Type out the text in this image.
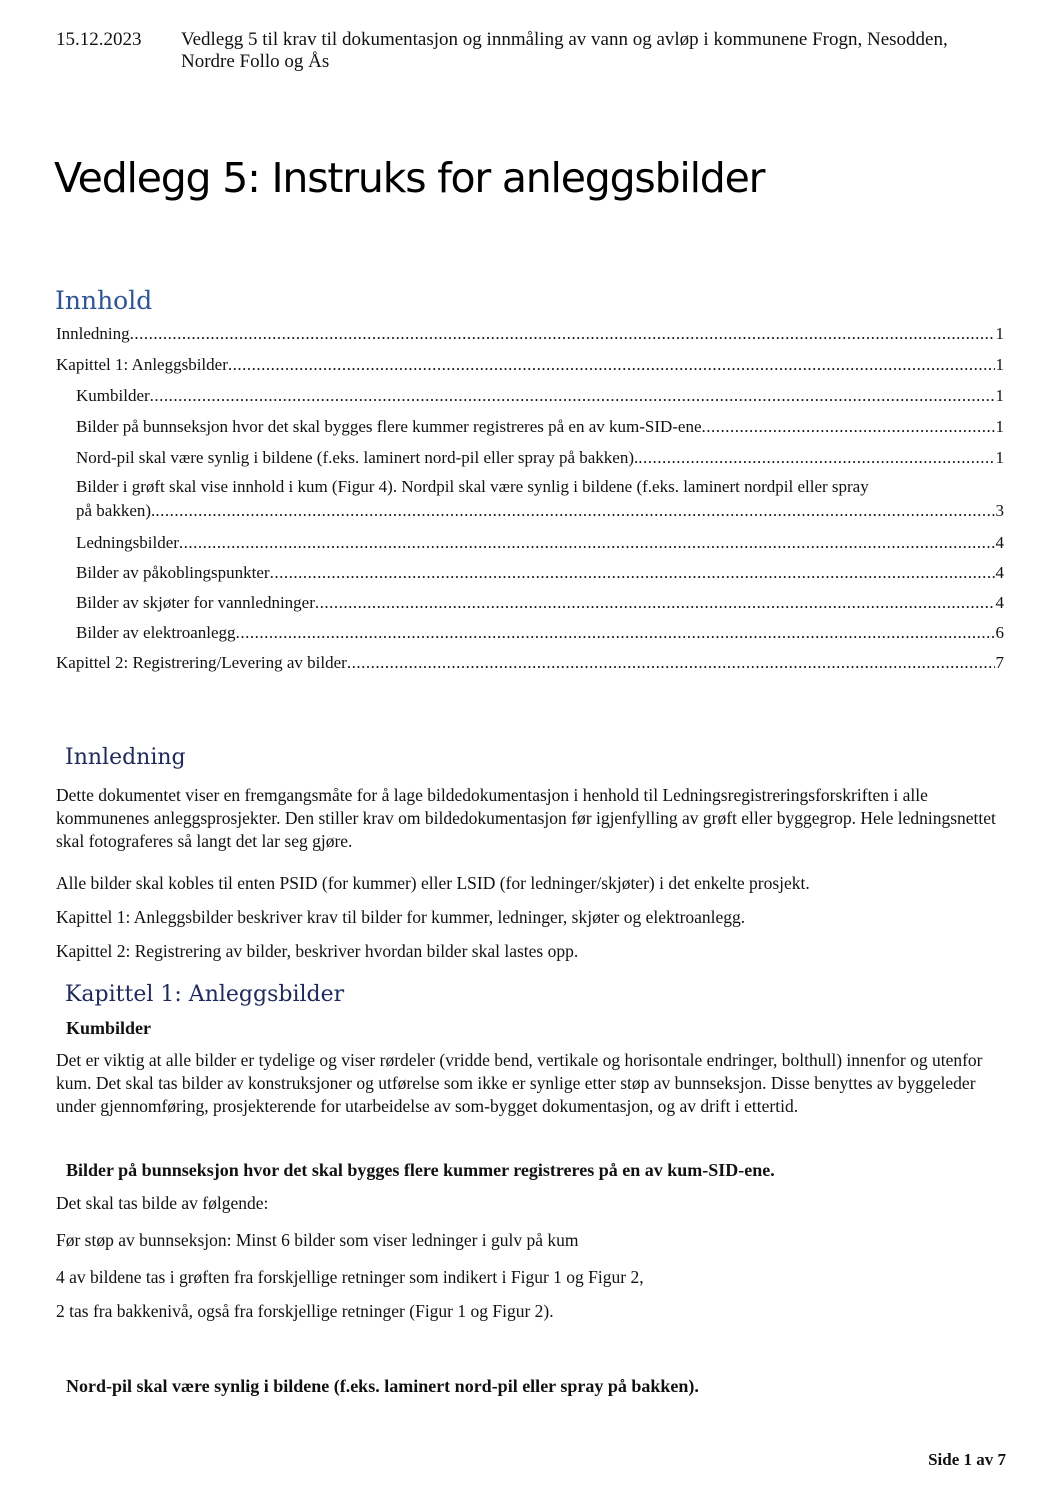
15.12.2023 Vedlegg 5 til krav til dokumentasjon og innmåling av vann og avløp i kommunene Frogn, Nesodden, Nordre Follo og Ås
Vedlegg 5: Instruks for anleggsbilder
Innhold
Innledning .....	1
Kapittel 1: Anleggsbilder .....	1
Kumbilder .....	1
Bilder på bunnseksjon hvor det skal bygges flere kummer registreres på en av kum-SID-ene .....	1
Nord-pil skal være synlig i bildene (f.eks. laminert nord-pil eller spray på bakken). .....	1
Bilder i grøft skal vise innhold i kum (Figur 4). Nordpil skal være synlig i bildene (f.eks. laminert nordpil eller spray
på bakken). .....	3
Ledningsbilder .....	4
Bilder av påkoblingspunkter .....	4
Bilder av skjøter for vannledninger .....	4
Bilder av elektroanlegg .....	6
Kapittel 2: Registrering/Levering av bilder .....	7
Innledning

Dette dokumentet viser en fremgangsmåte for å lage bildedokumentasjon i henhold til Ledningsregistreringsforskriften i alle kommunenes anleggsprosjekter. Den stiller krav om bildedokumentasjon før igjenfylling av grøft eller byggegrop. Hele ledningsnettet skal fotograferes så langt det lar seg gjøre.

Alle bilder skal kobles til enten PSID (for kummer) eller LSID (for ledninger/skjøter) i det enkelte prosjekt.

Kapittel 1: Anleggsbilder beskriver krav til bilder for kummer, ledninger, skjøter og elektroanlegg.

Kapittel 2: Registrering av bilder, beskriver hvordan bilder skal lastes opp.

Kapittel 1: Anleggsbilder
Kumbilder

Det er viktig at alle bilder er tydelige og viser rørdeler (vridde bend, vertikale og horisontale endringer, bolthull) innenfor og utenfor kum. Det skal tas bilder av konstruksjoner og utførelse som ikke er synlige etter støp av bunnseksjon. Disse benyttes av byggeleder under gjennomføring, prosjekterende for utarbeidelse av som-bygget dokumentasjon, og av drift i ettertid.

Bilder på bunnseksjon hvor det skal bygges flere kummer registreres på en av kum-SID-ene.

Det skal tas bilde av følgende:

Før støp av bunnseksjon: Minst 6 bilder som viser ledninger i gulv på kum

4 av bildene tas i grøften fra forskjellige retninger som indikert i Figur 1 og Figur 2,

2 tas fra bakkenivå, også fra forskjellige retninger (Figur 1 og Figur 2).

Nord-pil skal være synlig i bildene (f.eks. laminert nord-pil eller spray på bakken).
Side 1 av 7
